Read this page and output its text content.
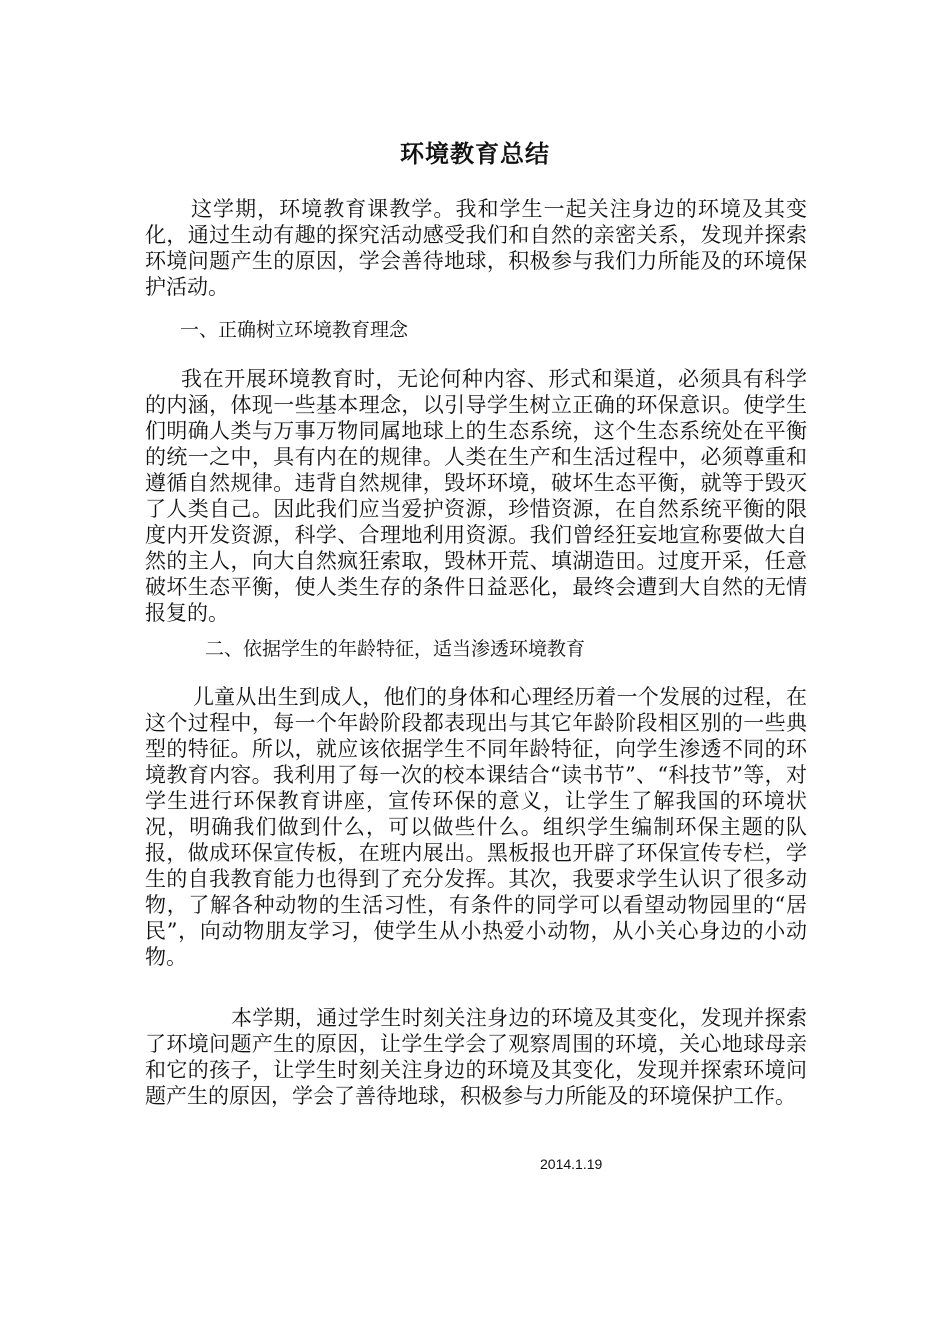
环境教育总结

这学期，环境教育课教学。我和学生一起关注身边的环境及其变化，通过生动有趣的探究活动感受我们和自然的亲密关系，发现并探索环境问题产生的原因，学会善待地球，积极参与我们力所能及的环境保护活动。

一、正确树立环境教育理念

我在开展环境教育时，无论何种内容、形式和渠道，必须具有科学的内涵，体现一些基本理念，以引导学生树立正确的环保意识。使学生们明确人类与万事万物同属地球上的生态系统，这个生态系统处在平衡的统一之中，具有内在的规律。人类在生产和生活过程中，必须尊重和遵循自然规律。违背自然规律，毁坏环境，破坏生态平衡，就等于毁灭了人类自己。因此我们应当爱护资源，珍惜资源，在自然系统平衡的限度内开发资源，科学、合理地利用资源。我们曾经狂妄地宣称要做大自然的主人，向大自然疯狂索取，毁林开荒、填湖造田。过度开采，任意破坏生态平衡，使人类生存的条件日益恶化，最终会遭到大自然的无情报复的。

二、依据学生的年龄特征，适当渗透环境教育

儿童从出生到成人，他们的身体和心理经历着一个发展的过程，在这个过程中，每一个年龄阶段都表现出与其它年龄阶段相区别的一些典型的特征。所以，就应该依据学生不同年龄特征，向学生渗透不同的环境教育内容。我利用了每一次的校本课结合“读书节”、“科技节”等，对学生进行环保教育讲座，宣传环保的意义，让学生了解我国的环境状况，明确我们做到什么，可以做些什么。组织学生编制环保主题的队报，做成环保宣传板，在班内展出。黑板报也开辟了环保宣传专栏，学生的自我教育能力也得到了充分发挥。其次，我要求学生认识了很多动物，了解各种动物的生活习性，有条件的同学可以看望动物园里的“居民”，向动物朋友学习，使学生从小热爱小动物，从小关心身边的小动物。

本学期，通过学生时刻关注身边的环境及其变化，发现并探索了环境问题产生的原因，让学生学会了观察周围的环境，关心地球母亲和它的孩子，让学生时刻关注身边的环境及其变化，发现并探索环境问题产生的原因，学会了善待地球，积极参与力所能及的环境保护工作。

2014.1.19
